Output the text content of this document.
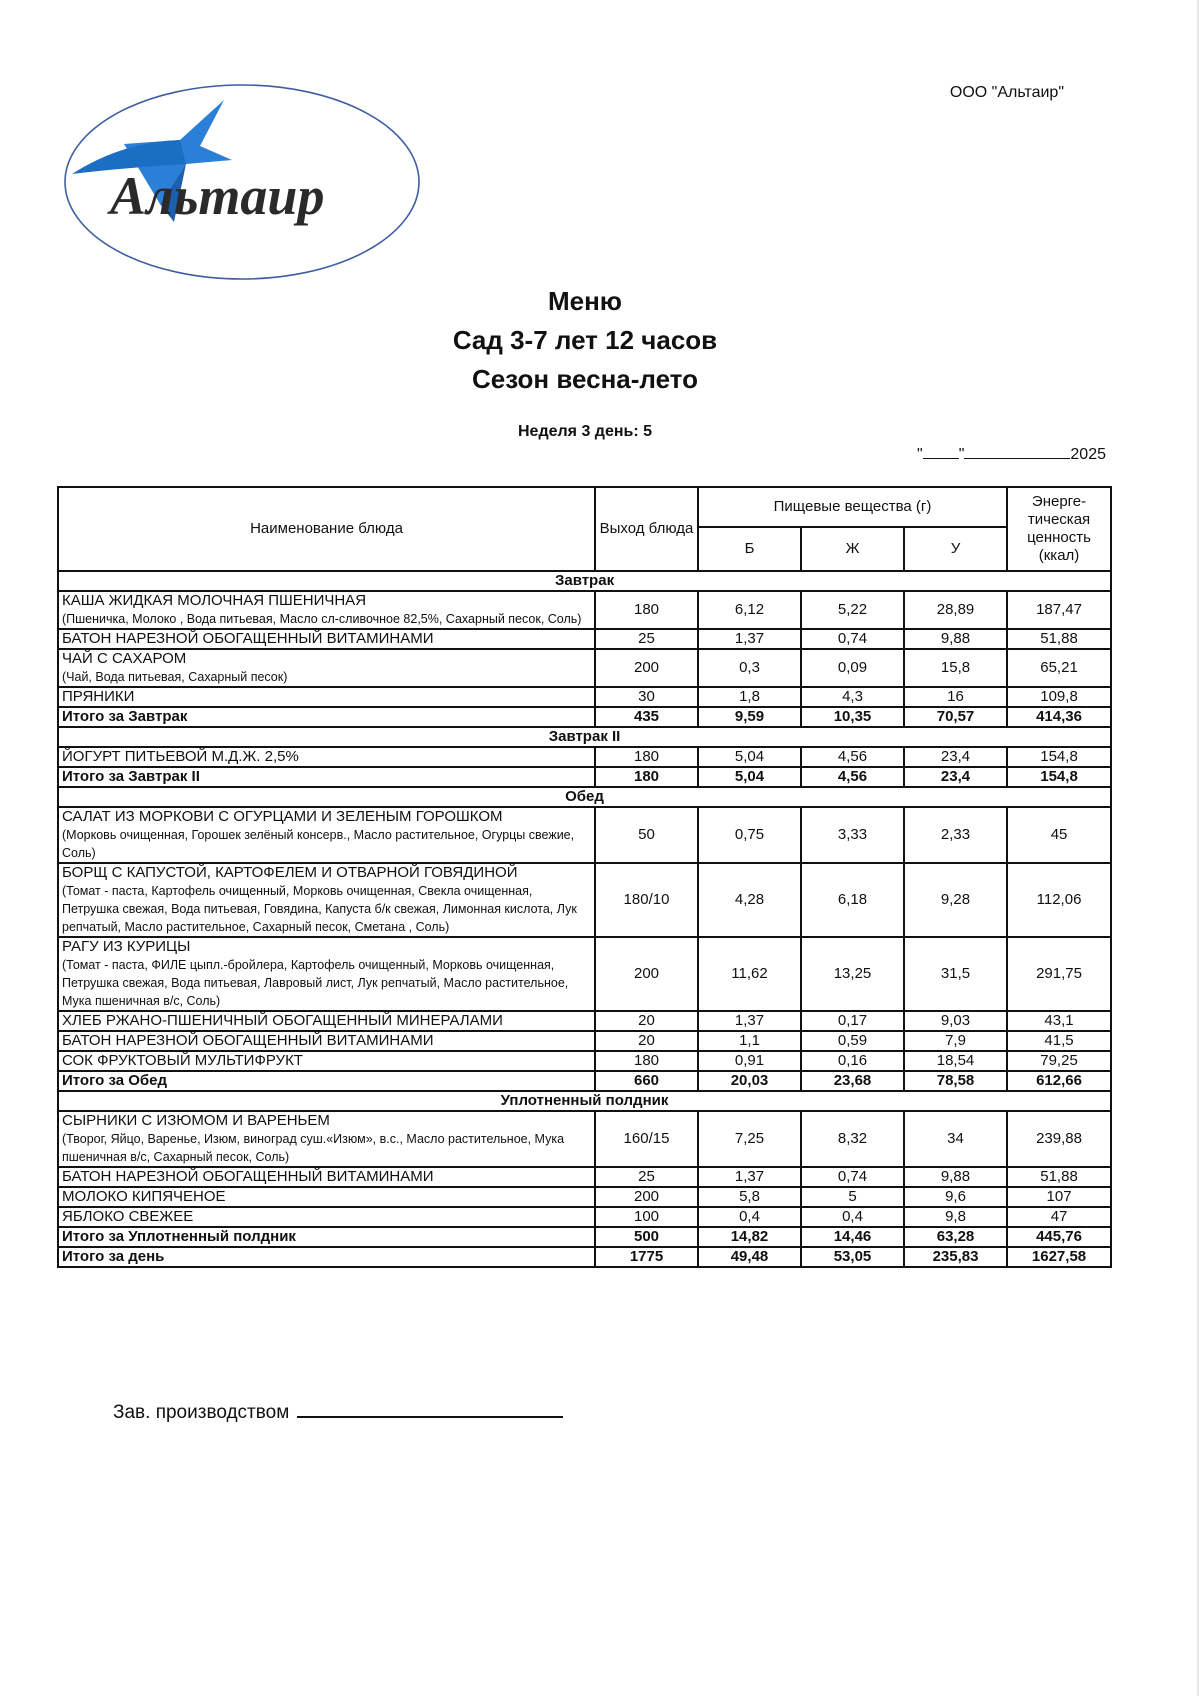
ООО "Альтаир"
Альтаир
Меню
Сад 3-7 лет 12 часов
Сезон весна-лето
Неделя 3 день: 5
" "	2025
Наименование блюда	Выход блюда	Пищевые вещества (г)			Энерге-тическая ценность (ккал)
		Б	Ж	У	
Завтрак					
КАША ЖИДКАЯ МОЛОЧНАЯ ПШЕНИЧНАЯ
(Пшеничка, Молоко , Вода питьевая, Масло сл-сливочное 82,5%, Сахарный песок, Соль)	180	6,12	5,22	28,89	187,47
БАТОН НАРЕЗНОЙ ОБОГАЩЕННЫЙ ВИТАМИНАМИ	25	1,37	0,74	9,88	51,88
ЧАЙ С САХАРОМ
(Чай, Вода питьевая, Сахарный песок)	200	0,3	0,09	15,8	65,21
ПРЯНИКИ	30	1,8	4,3	16	109,8
Итого за Завтрак	435	9,59	10,35	70,57	414,36
Завтрак II					
ЙОГУРТ ПИТЬЕВОЙ М.Д.Ж. 2,5%	180	5,04	4,56	23,4	154,8
Итого за Завтрак II	180	5,04	4,56	23,4	154,8
Обед					
САЛАТ ИЗ МОРКОВИ С ОГУРЦАМИ И ЗЕЛЕНЫМ ГОРОШКОМ
(Морковь очищенная, Горошек зелёный консерв., Масло растительное, Огурцы свежие, Соль)	50	0,75	3,33	2,33	45
БОРЩ С КАПУСТОЙ, КАРТОФЕЛЕМ И ОТВАРНОЙ ГОВЯДИНОЙ
(Томат - паста, Картофель очищенный, Морковь очищенная, Свекла очищенная, Петрушка свежая, Вода питьевая, Говядина, Капуста б/к свежая, Лимонная кислота, Лук репчатый, Масло растительное, Сахарный песок, Сметана , Соль)	180/10	4,28	6,18	9,28	112,06
РАГУ ИЗ КУРИЦЫ
(Томат - паста, ФИЛЕ цыпл.-бройлера, Картофель очищенный, Морковь очищенная, Петрушка свежая, Вода питьевая, Лавровый лист, Лук репчатый, Масло растительное, Мука пшеничная в/с, Соль)	200	11,62	13,25	31,5	291,75
ХЛЕБ РЖАНО-ПШЕНИЧНЫЙ ОБОГАЩЕННЫЙ МИНЕРАЛАМИ	20	1,37	0,17	9,03	43,1
БАТОН НАРЕЗНОЙ ОБОГАЩЕННЫЙ ВИТАМИНАМИ	20	1,1	0,59	7,9	41,5
СОК ФРУКТОВЫЙ МУЛЬТИФРУКТ	180	0,91	0,16	18,54	79,25
Итого за Обед	660	20,03	23,68	78,58	612,66
Уплотненный полдник					
СЫРНИКИ С ИЗЮМОМ И ВАРЕНЬЕМ
(Творог, Яйцо, Варенье, Изюм, виноград суш.«Изюм», в.с., Масло растительное, Мука пшеничная в/с, Сахарный песок, Соль)	160/15	7,25	8,32	34	239,88
БАТОН НАРЕЗНОЙ ОБОГАЩЕННЫЙ ВИТАМИНАМИ	25	1,37	0,74	9,88	51,88
МОЛОКО КИПЯЧЕНОЕ	200	5,8	5	9,6	107
ЯБЛОКО СВЕЖЕЕ	100	0,4	0,4	9,8	47
Итого за Уплотненный полдник	500	14,82	14,46	63,28	445,76
Итого за день	1775	49,48	53,05	235,83	1627,58
Зав. производством
